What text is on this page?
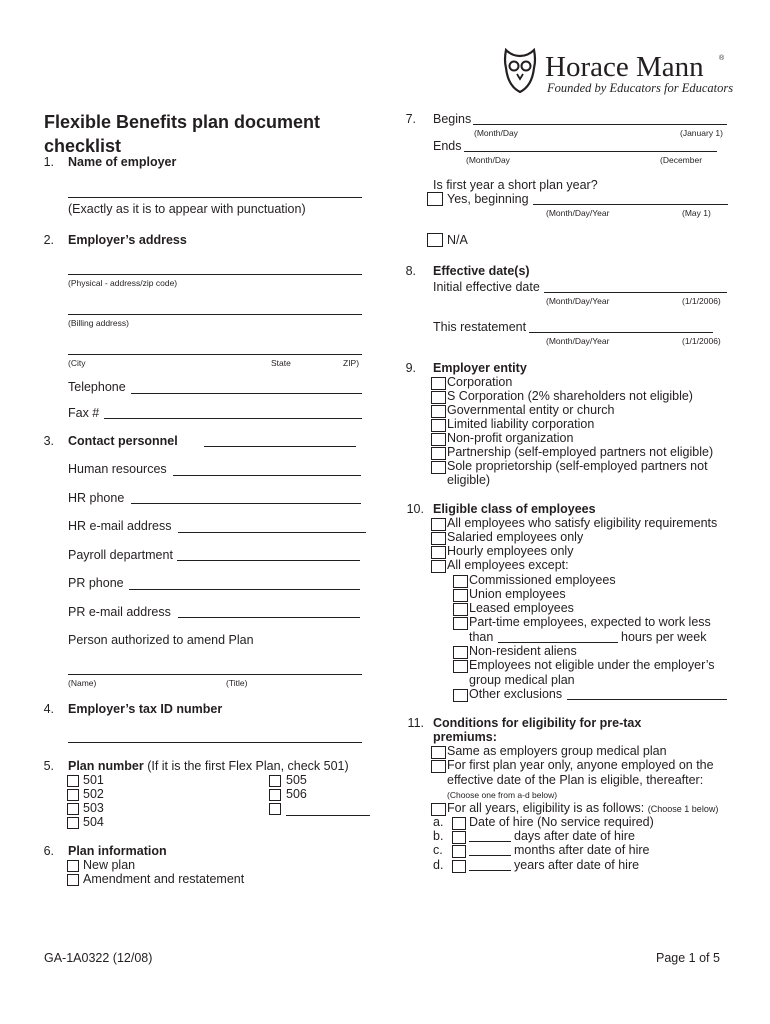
Horace Mann ®
Founded by Educators for Educators
Flexible Benefits plan document
checklist
1. Name of employer
(Exactly as it is to appear with punctuation)
2. Employer’s address
(Physical - address/zip code)
(Billing address)
(City	State	ZIP)
Telephone
Fax #
3. Contact personnel
Human resources
HR phone
HR e-mail address
Payroll department
PR phone
PR e-mail address
Person authorized to amend Plan
(Name)	(Title)
4. Employer’s tax ID number
5. Plan number (If it is the first Flex Plan, check 501)
501
502
503
504
505
506
6. Plan information
New plan
Amendment and restatement
7. Begins
(Month/Day	(January 1)
Ends
(Month/Day	(December
Is first year a short plan year?
Yes, beginning
(Month/Day/Year	(May 1)
N/A
8. Effective date(s)
Initial effective date
(Month/Day/Year	(1/1/2006)
This restatement
(Month/Day/Year	(1/1/2006)
9. Employer entity
Corporation
S Corporation (2% shareholders not eligible)
Governmental entity or church
Limited liability corporation
Non-profit organization
Partnership (self-employed partners not eligible)
Sole proprietorship (self-employed partners not
eligible)
10. Eligible class of employees
All employees who satisfy eligibility requirements
Salaried employees only
Hourly employees only
All employees except:
Commissioned employees
Union employees
Leased employees
Part-time employees, expected to work less
than	hours per week
Non-resident aliens
Employees not eligible under the employer’s
group medical plan
Other exclusions
11. Conditions for eligibility for pre-tax
premiums:
Same as employers group medical plan
For first plan year only, anyone employed on the
effective date of the Plan is eligible, thereafter:
(Choose one from a-d below)
For all years, eligibility is as follows: (Choose 1 below)
a. Date of hire (No service required)
b.	days after date of hire
c.	months after date of hire
d.	years after date of hire
GA-1A0322 (12/08)	Page 1 of 5
